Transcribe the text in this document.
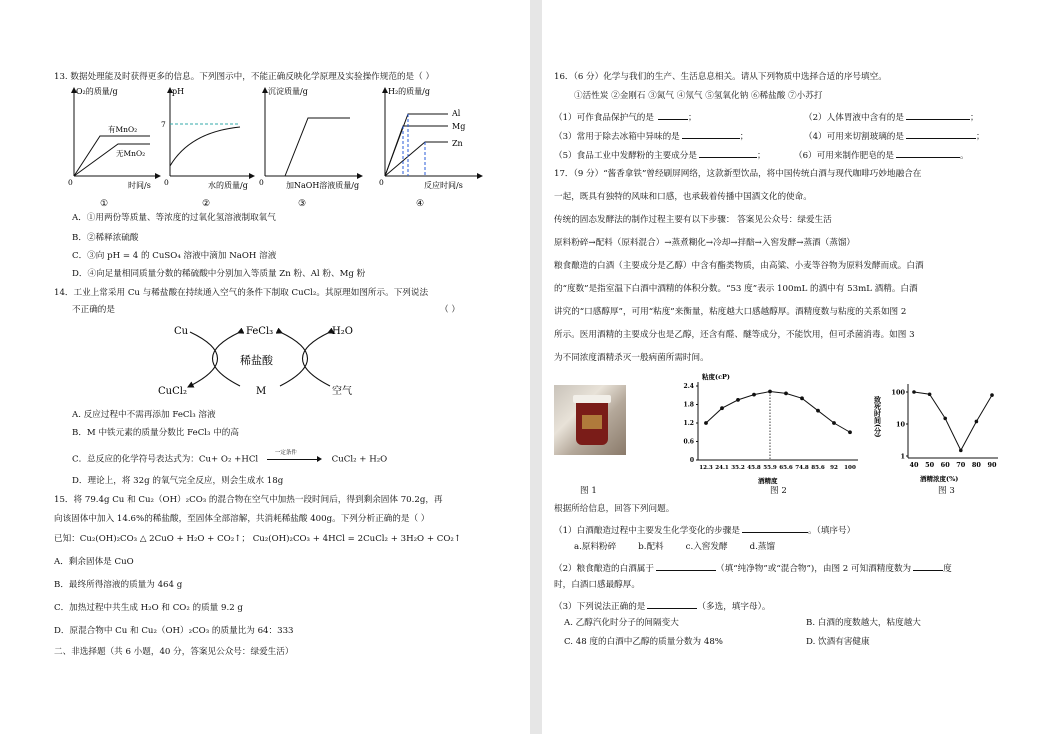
13. 数据处理能及时获得更多的信息。下列图示中，不能正确反映化学原理及实验操作规范的是（ ）
O₂的质量/g
有MnO₂
无MnO₂
0	时间/s
①
pH
7
0	水的质量/g
②
沉淀质量/g
0	加NaOH溶液质量/g
③
H₂的质量/g
Al
Mg
Zn
0	反应时间/s
④
A．①用两份等质量、等浓度的过氧化氢溶液制取氧气
B．②稀释浓硫酸
C．③向 pH = 4 的 CuSO₄ 溶液中滴加 NaOH 溶液
D．④向足量相同质量分数的稀硫酸中分别加入等质量 Zn 粉、Al 粉、Mg 粉
14．工业上常采用 Cu 与稀盐酸在持续通入空气的条件下制取 CuCl₂。其原理如图所示。下列说法
不正确的是	（ ）
Cu	FeCl₃	H₂O
稀盐酸
CuCl₂	M	空气
A. 反应过程中不需再添加 FeCl₃ 溶液
B．M 中铁元素的质量分数比 FeCl₃ 中的高
C．总反应的化学符号表达式为：Cu+ O₂ +HCl
一定条件
CuCl₂ + H₂O
D．理论上，将 32g 的氧气完全反应，则会生成水 18g
15．将 79.4g Cu 和 Cu₂（OH）₂CO₃ 的混合物在空气中加热一段时间后，得到剩余固体 70.2g，再
向该固体中加入 14.6%的稀盐酸，至固体全部溶解，共消耗稀盐酸 400g。下列分析正确的是（ ）
已知：Cu₂(OH)₂CO₃ △ 2CuO + H₂O + CO₂↑； Cu₂(OH)₂CO₃ + 4HCl = 2CuCl₂ + 3H₂O + CO₂↑
A．剩余固体是 CuO
B．最终所得溶液的质量为 464 g
C．加热过程中共生成 H₂O 和 CO₂ 的质量 9.2 g
D．原混合物中 Cu 和 Cu₂（OH）₂CO₃ 的质量比为 64：333
二、非选择题（共 6 小题，40 分，答案见公众号：绿爱生活）
16．（6 分）化学与我们的生产、生活息息相关。请从下列物质中选择合适的序号填空。
①活性炭 ②金刚石 ③氮气 ④氖气 ⑤氢氧化钠 ⑥稀盐酸 ⑦小苏打
（1）可作食品保护气的是	；	（2）人体胃液中含有的是	；
（3）常用于除去冰箱中异味的是	；	（4）可用来切割玻璃的是	；
（5）食品工业中发酵粉的主要成分是	；	（6）可用来制作肥皂的是	。
17．（9 分）“酱香拿铁”曾经刷屏网络，这款新型饮品，将中国传统白酒与现代咖啡巧妙地融合在
一起，既具有独特的风味和口感，也承载着传播中国酒文化的使命。
传统的固态发酵法的制作过程主要有以下步骤： 答案见公众号：绿爱生活
原料粉碎→配料（原料混合）→蒸煮糊化→冷却→拌醅→入窖发酵→蒸酒（蒸馏）
粮食酿造的白酒（主要成分是乙醇）中含有酯类物质，由高粱、小麦等谷物为原料发酵而成。白酒
的“度数”是指室温下白酒中酒精的体积分数。“53 度”表示 100mL 的酒中有 53mL 酒精。白酒
讲究的“口感醇厚”，可用“粘度”来衡量，粘度越大口感越醇厚。酒精度数与粘度的关系如图 2
所示。医用酒精的主要成分也是乙醇，还含有醛、醚等成分，不能饮用，但可杀菌消毒。如图 3
为不同浓度酒精杀灭一般病菌所需时间。
粘度(cP)
酒精度
0
0.6
1.2
1.8
2.4
12.3 24.1 35.2 45.8 55.9 65.6 74.8 85.6 92 100
致死时间(分)
酒精浓度(%)
1
10
100
40 50 60 70 80 90
图 1	图 2	图 3
根据所给信息，回答下列问题。
（1）白酒酿造过程中主要发生化学变化的步骤是	。（填序号）
a.原料粉碎	b.配料	c.入窖发酵	d.蒸馏
（2）粮食酿造的白酒属于	（填“纯净物”或“混合物”)，由图 2 可知酒精度数为	度
时，白酒口感最醇厚。
（3）下列说法正确的是	（多选，填字母）。
A. 乙醇汽化时分子的间隔变大	B. 白酒的度数越大，粘度越大
C. 48 度的白酒中乙醇的质量分数为 48%	D. 饮酒有害健康
